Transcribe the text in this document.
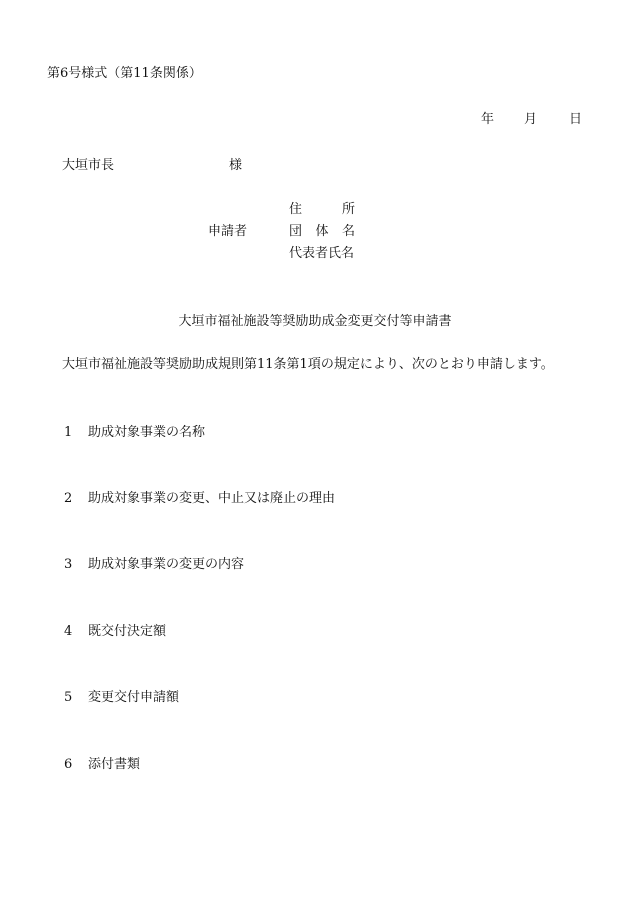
第6号様式（第11条関係）
年 月 日
大垣市長	様
申請者
住	所
団 体 名
代表者氏名
大垣市福祉施設等奨励助成金変更交付等申請書
大垣市福祉施設等奨励助成規則第11条第1項の規定により、次のとおり申請します。
1	助成対象事業の名称
2	助成対象事業の変更、中止又は廃止の理由
3	助成対象事業の変更の内容
4	既交付決定額
5	変更交付申請額
6	添付書類
